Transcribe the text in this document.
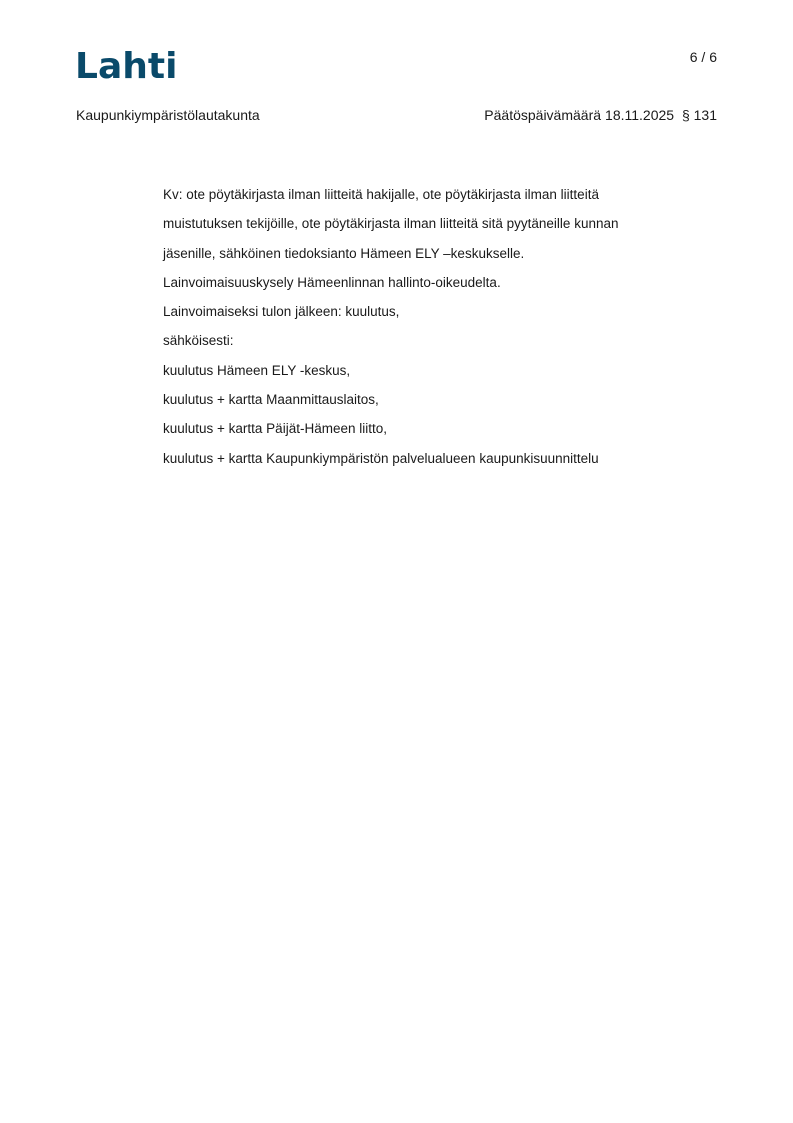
Lahti	6 / 6
Kaupunkiympäristölautakunta	Päätöspäivämäärä 18.11.2025 § 131

Kv: ote pöytäkirjasta ilman liitteitä hakijalle, ote pöytäkirjasta ilman liitteitä

muistutuksen tekijöille, ote pöytäkirjasta ilman liitteitä sitä pyytäneille kunnan

jäsenille, sähköinen tiedoksianto Hämeen ELY –keskukselle.

Lainvoimaisuuskysely Hämeenlinnan hallinto-oikeudelta.

Lainvoimaiseksi tulon jälkeen: kuulutus,

sähköisesti:

kuulutus Hämeen ELY -keskus,

kuulutus + kartta Maanmittauslaitos,

kuulutus + kartta Päijät-Hämeen liitto,

kuulutus + kartta Kaupunkiympäristön palvelualueen kaupunkisuunnittelu
